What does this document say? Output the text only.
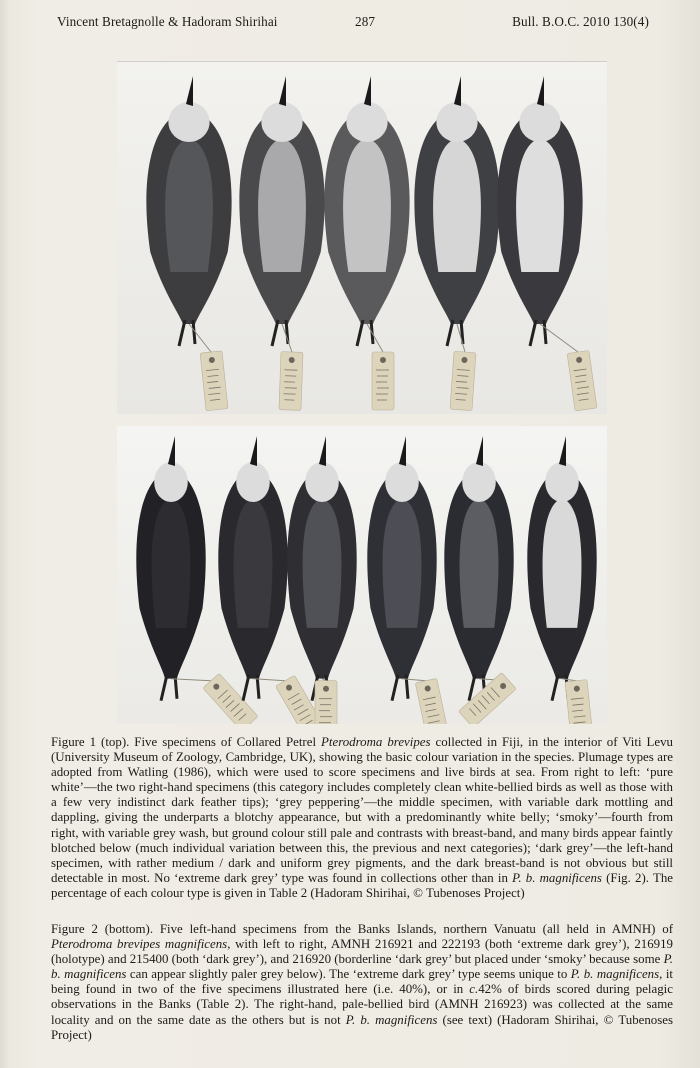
Vincent Bretagnolle & Hadoram Shirihai	287	Bull. B.O.C. 2010 130(4)
Figure 1 (top). Five specimens of Collared Petrel Pterodroma brevipes collected in Fiji, in the interior of Viti Levu (University Museum of Zoology, Cambridge, UK), showing the basic colour variation in the species. Plumage types are adopted from Watling (1986), which were used to score specimens and live birds at sea. From right to left: ‘pure white’—the two right-hand specimens (this category includes completely clean white-bellied birds as well as those with a few very indistinct dark feather tips); ‘grey peppering’—the middle specimen, with variable dark mottling and dappling, giving the underparts a blotchy appearance, but with a predominantly white belly; ‘smoky’—fourth from right, with variable grey wash, but ground colour still pale and contrasts with breast-band, and many birds appear faintly blotched below (much individual variation between this, the previous and next categories); ‘dark grey’—the left-hand specimen, with rather medium / dark and uniform grey pigments, and the dark breast-band is not obvious but still detectable in most. No ‘extreme dark grey’ type was found in collections other than in P. b. magnificens (Fig. 2). The percentage of each colour type is given in Table 2 (Hadoram Shirihai, © Tubenoses Project)
Figure 2 (bottom). Five left-hand specimens from the Banks Islands, northern Vanuatu (all held in AMNH) of Pterodroma brevipes magnificens, with left to right, AMNH 216921 and 222193 (both ‘extreme dark grey’), 216919 (holotype) and 215400 (both ‘dark grey’), and 216920 (borderline ‘dark grey’ but placed under ‘smoky’ because some P. b. magnificens can appear slightly paler grey below). The ‘extreme dark grey’ type seems unique to P. b. magnificens, it being found in two of the five specimens illustrated here (i.e. 40%), or in c.42% of birds scored during pelagic observations in the Banks (Table 2). The right-hand, pale-bellied bird (AMNH 216923) was collected at the same locality and on the same date as the others but is not P. b. magnificens (see text) (Hadoram Shirihai, © Tubenoses Project)
